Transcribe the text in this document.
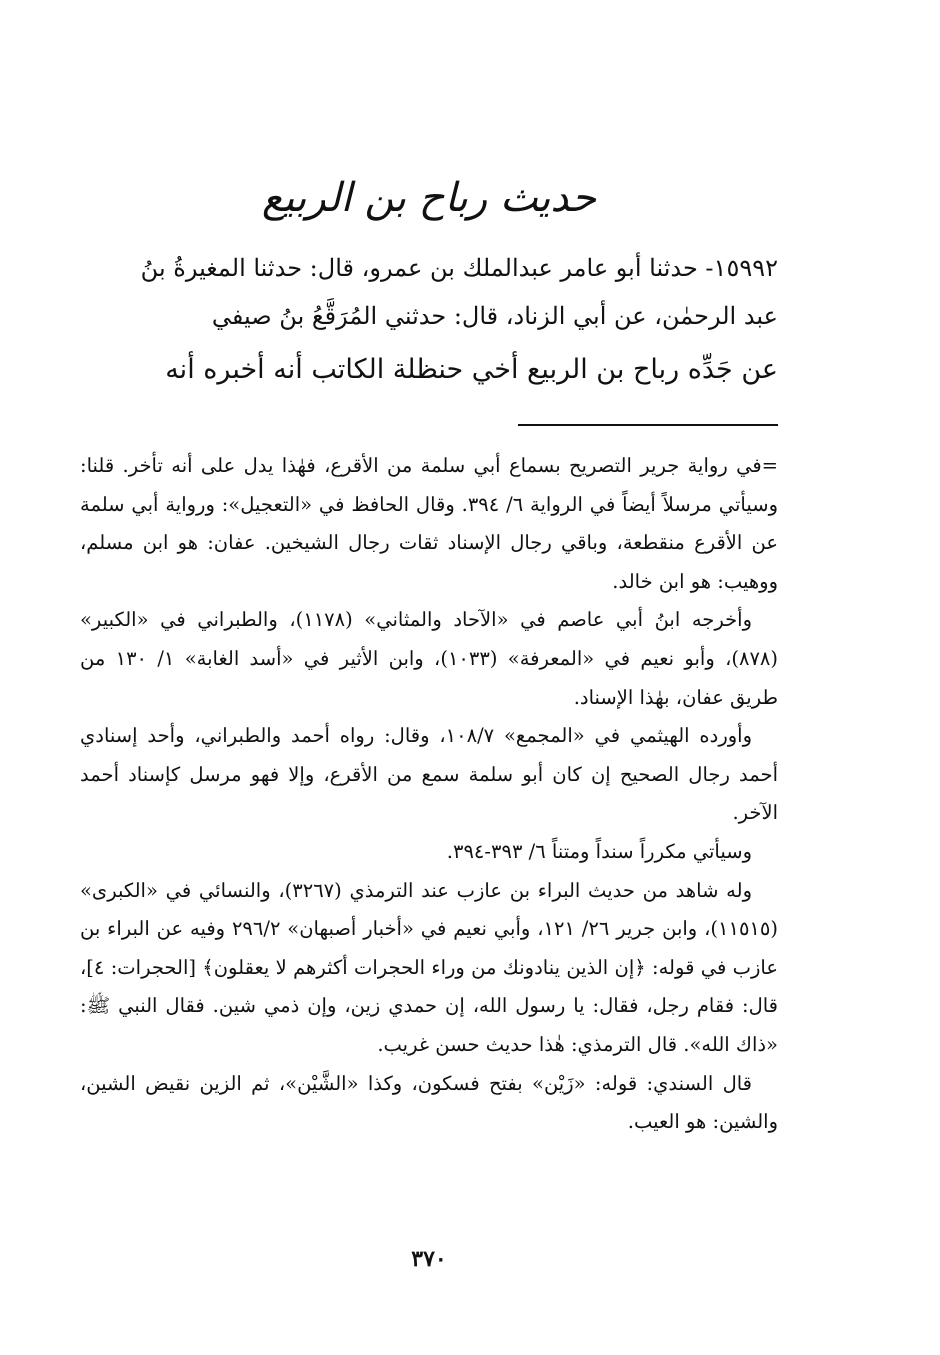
حديث رباح بن الربيع

١٥٩٩٢- حدثنا أبو عامر عبدالملك بن عمرو، قال: حدثنا المغيرةُ بنُ

عبد الرحمٰن، عن أبي الزناد، قال: حدثني المُرَقَّعُ بنُ صيفي

عن جَدِّه رباح بن الربيع أخي حنظلة الكاتب أنه أخبره أنه

=في رواية جرير التصريح بسماع أبي سلمة من الأقرع، فهٰذا يدل على أنه تأخر. قلنا: وسيأتي مرسلاً أيضاً في الرواية ٦/ ٣٩٤. وقال الحافظ في «التعجيل»: ورواية أبي سلمة عن الأقرع منقطعة، وباقي رجال الإسناد ثقات رجال الشيخين. عفان: هو ابن مسلم، ووهيب: هو ابن خالد.

وأخرجه ابنُ أبي عاصم في «الآحاد والمثاني» (١١٧٨)، والطبراني في «الكبير» (٨٧٨)، وأبو نعيم في «المعرفة» (١٠٣٣)، وابن الأثير في «أسد الغابة» ١/ ١٣٠ من طريق عفان، بهٰذا الإسناد.

وأورده الهيثمي في «المجمع» ١٠٨/٧، وقال: رواه أحمد والطبراني، وأحد إسنادي أحمد رجال الصحيح إن كان أبو سلمة سمع من الأقرع، وإلا فهو مرسل كإسناد أحمد الآخر.

وسيأتي مكرراً سنداً ومتناً ٦/ ٣٩٣-٣٩٤.

وله شاهد من حديث البراء بن عازب عند الترمذي (٣٢٦٧)، والنسائي في «الكبرى» (١١٥١٥)، وابن جرير ٢٦/ ١٢١، وأبي نعيم في «أخبار أصبهان» ٢٩٦/٢ وفيه عن البراء بن عازب في قوله: ﴿إن الذين ينادونك من وراء الحجرات أكثرهم لا يعقلون﴾ [الحجرات: ٤]، قال: فقام رجل، فقال: يا رسول الله، إن حمدي زين، وإن ذمي شين. فقال النبي ﷺ: «ذاك الله». قال الترمذي: هٰذا حديث حسن غريب.

قال السندي: قوله: «زَيْن» بفتح فسكون، وكذا «الشَّيْن»، ثم الزين نقيض الشين، والشين: هو العيب.

٣٧٠
